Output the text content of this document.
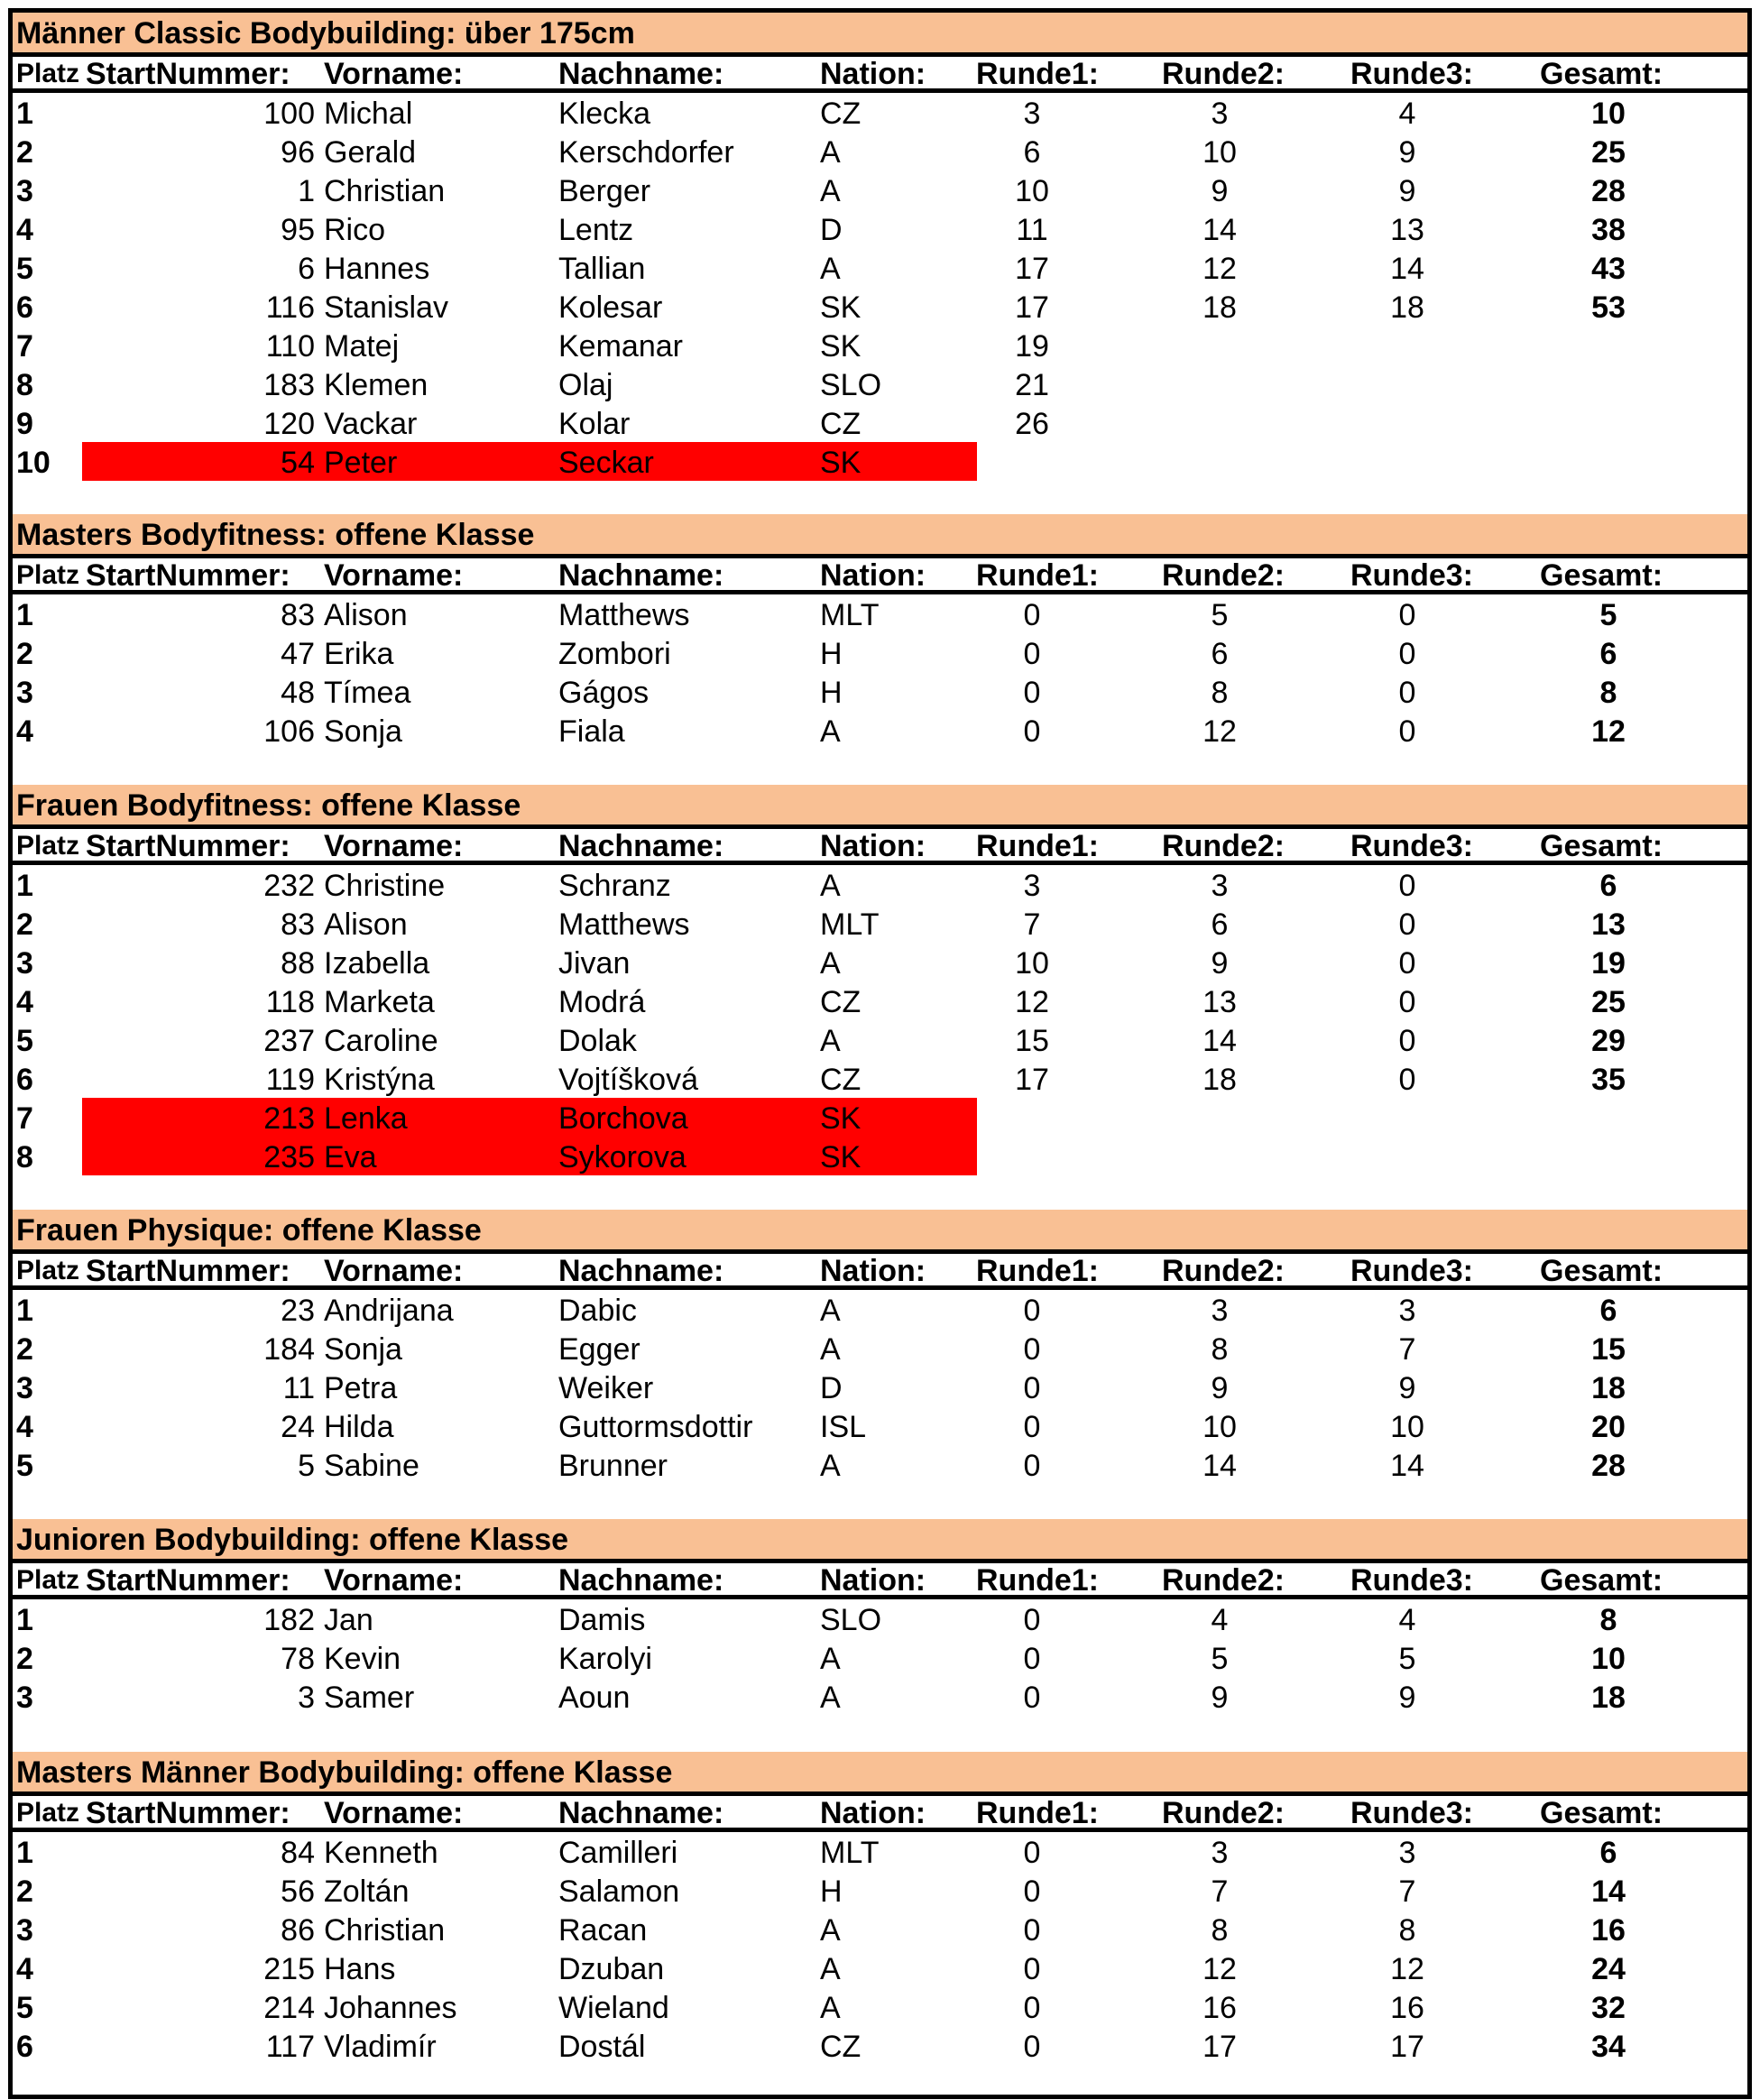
Männer Classic Bodybuilding: über 175cm
Platz StartNummer: Vorname:	Nachname:	Nation: Runde1: Runde2: Runde3: Gesamt:
1	100 Michal	Klecka	CZ	3	3	4	10
2	96 Gerald	Kerschdorfer	A	6	10	9	25
3	1 Christian	Berger	A	10	9	9	28
4	95 Rico	Lentz	D	11	14	13	38
5	6 Hannes	Tallian	A	17	12	14	43
6	116 Stanislav	Kolesar	SK	17	18	18	53
7	110 Matej	Kemanar	SK	19
8	183 Klemen	Olaj	SLO	21
9	120 Vackar	Kolar	CZ	26
10	54 Peter	Seckar	SK
Masters Bodyfitness: offene Klasse
Platz StartNummer: Vorname:	Nachname:	Nation: Runde1: Runde2: Runde3: Gesamt:
1	83 Alison	Matthews	MLT	0	5	0	5
2	47 Erika	Zombori	H	0	6	0	6
3	48 Tímea	Gágos	H	0	8	0	8
4	106 Sonja	Fiala	A	0	12	0	12
Frauen Bodyfitness: offene Klasse
Platz StartNummer: Vorname:	Nachname:	Nation: Runde1: Runde2: Runde3: Gesamt:
1	232 Christine	Schranz	A	3	3	0	6
2	83 Alison	Matthews	MLT	7	6	0	13
3	88 Izabella	Jivan	A	10	9	0	19
4	118 Marketa	Modrá	CZ	12	13	0	25
5	237 Caroline	Dolak	A	15	14	0	29
6	119 Kristýna	Vojtíšková	CZ	17	18	0	35
7	213 Lenka	Borchova	SK
8	235 Eva	Sykorova	SK
Frauen Physique: offene Klasse
Platz StartNummer: Vorname:	Nachname:	Nation: Runde1: Runde2: Runde3: Gesamt:
1	23 Andrijana	Dabic	A	0	3	3	6
2	184 Sonja	Egger	A	0	8	7	15
3	11 Petra	Weiker	D	0	9	9	18
4	24 Hilda	Guttormsdottir ISL	0	10	10	20
5	5 Sabine	Brunner	A	0	14	14	28
Junioren Bodybuilding: offene Klasse
Platz StartNummer: Vorname:	Nachname:	Nation: Runde1: Runde2: Runde3: Gesamt:
1	182 Jan	Damis	SLO	0	4	4	8
2	78 Kevin	Karolyi	A	0	5	5	10
3	3 Samer	Aoun	A	0	9	9	18
Masters Männer Bodybuilding: offene Klasse
Platz StartNummer: Vorname:	Nachname:	Nation: Runde1: Runde2: Runde3: Gesamt:
1	84 Kenneth	Camilleri	MLT	0	3	3	6
2	56 Zoltán	Salamon	H	0	7	7	14
3	86 Christian	Racan	A	0	8	8	16
4	215 Hans	Dzuban	A	0	12	12	24
5	214 Johannes	Wieland	A	0	16	16	32
6	117 Vladimír	Dostál	CZ	0	17	17	34
